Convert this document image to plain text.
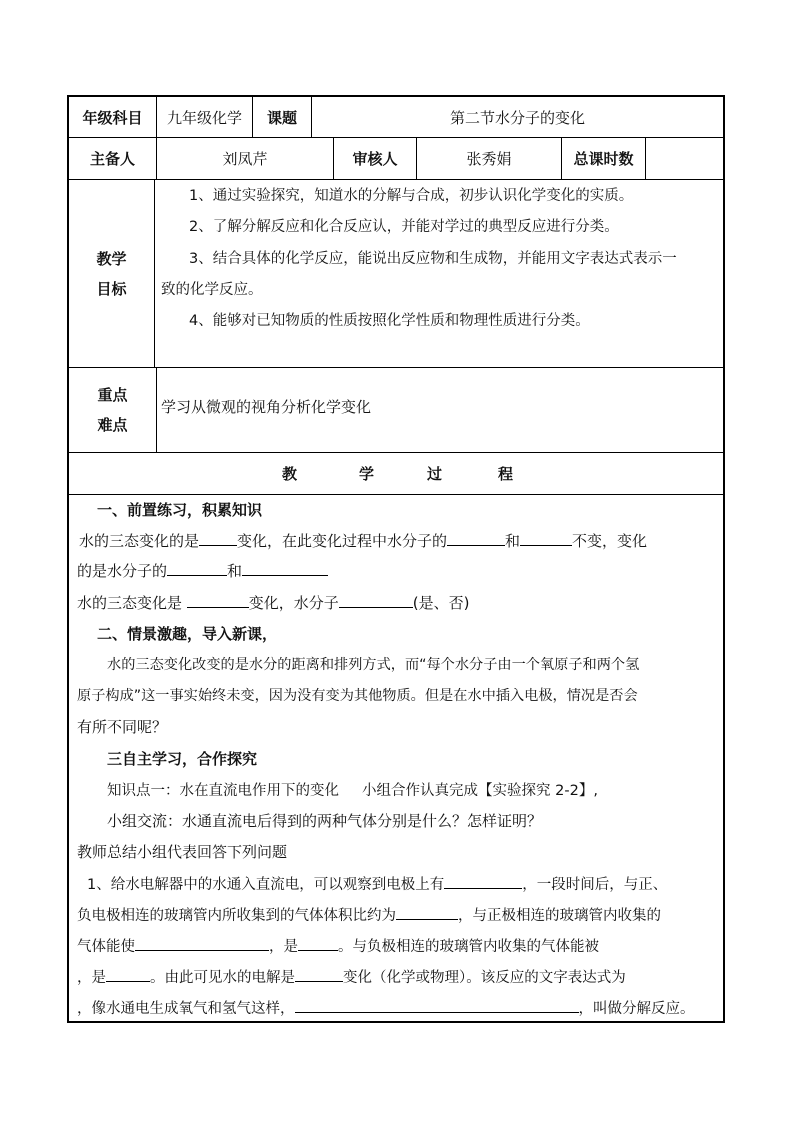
年级科目	九年级化学	课题	第二节水分子的变化
主备人	刘凤芹	审核人	张秀娟	总课时数
教学
目标
1、通过实验探究，知道水的分解与合成，初步认识化学变化的实质。
2、了解分解反应和化合反应认，并能对学过的典型反应进行分类。
3、结合具体的化学反应，能说出反应物和生成物，并能用文字表达式表示一
致的化学反应。
4、能够对已知物质的性质按照化学性质和物理性质进行分类。
重点
难点
学习从微观的视角分析化学变化
教	学	过	程
一、前置练习，积累知识
水的三态变化的是	变化，在此变化过程中水分子的	和	不变，变化
的是水分子的	和
水的三态变化是	变化，水分子	(是、否)
二、情景激趣，导入新课，
水的三态变化改变的是水分的距离和排列方式，而“每个水分子由一个氧原子和两个氢
原子构成”这一事实始终未变，因为没有变为其他物质。但是在水中插入电极，情况是否会
有所不同呢？
三自主学习，合作探究
知识点一：水在直流电作用下的变化     小组合作认真完成【实验探究 2-2】,
小组交流：水通直流电后得到的两种气体分别是什么？怎样证明？
教师总结小组代表回答下列问题
1、给水电解器中的水通入直流电，可以观察到电极上有	，一段时间后，与正、
负电极相连的玻璃管内所收集到的气体体积比约为	，与正极相连的玻璃管内收集的
气体能使	，是	。与负极相连的玻璃管内收集的气体能被
，是	。由此可见水的电解是	变化（化学或物理）。该反应的文字表达式为
，像水通电生成氧气和氢气这样，	，叫做分解反应。
